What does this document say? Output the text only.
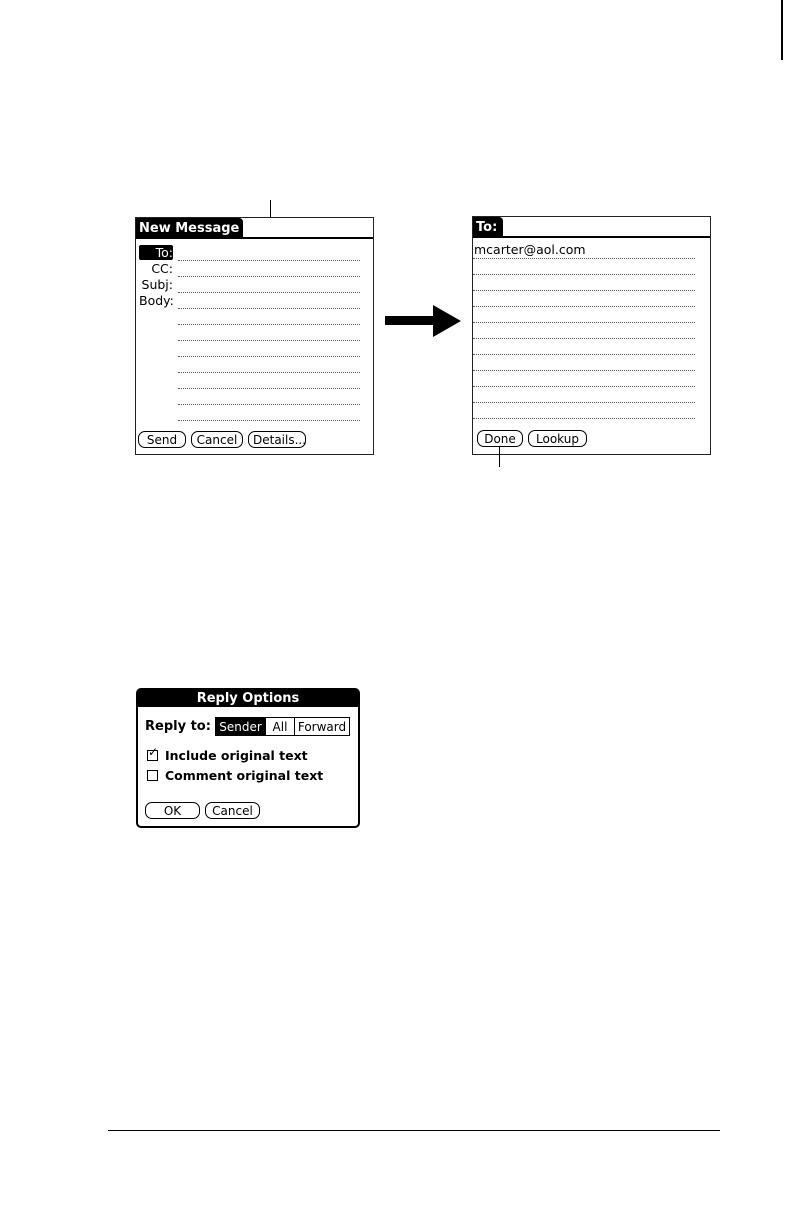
New Message
To:
CC:
Subj:
Body:
Send	Cancel	Details...
To:
mcarter@aol.com
Done	Lookup
Reply Options
Reply to: Sender All Forward
✓ Include original text
Comment original text
OK	Cancel
